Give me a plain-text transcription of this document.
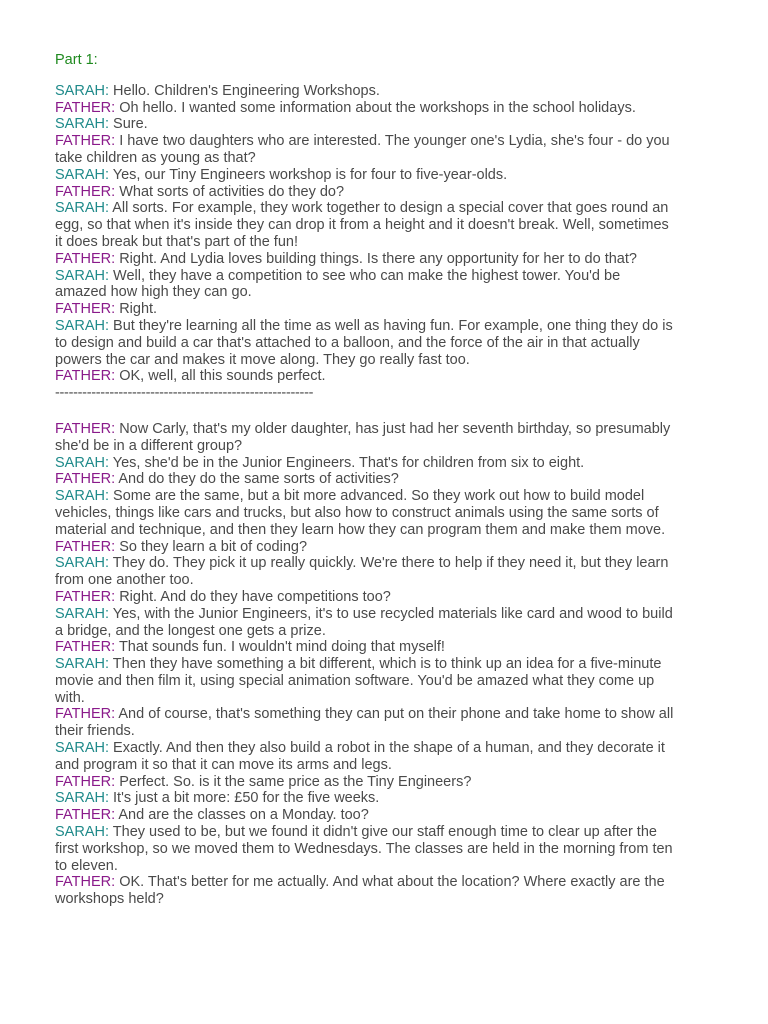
Part 1:

SARAH: Hello. Children's Engineering Workshops.

FATHER: Oh hello. I wanted some information about the workshops in the school holidays.

SARAH: Sure.

FATHER: I have two daughters who are interested. The younger one's Lydia, she's four - do you take children as young as that?

SARAH: Yes, our Tiny Engineers workshop is for four to five-year-olds.

FATHER: What sorts of activities do they do?

SARAH: All sorts. For example, they work together to design a special cover that goes round an egg, so that when it's inside they can drop it from a height and it doesn't break. Well, sometimes it does break but that's part of the fun!

FATHER: Right. And Lydia loves building things. Is there any opportunity for her to do that?

SARAH: Well, they have a competition to see who can make the highest tower. You'd be amazed how high they can go.

FATHER: Right.

SARAH: But they're learning all the time as well as having fun. For example, one thing they do is to design and build a car that's attached to a balloon, and the force of the air in that actually powers the car and makes it move along. They go really fast too.

FATHER: OK, well, all this sounds perfect.

---------------------------------------------------------

FATHER: Now Carly, that's my older daughter, has just had her seventh birthday, so presumably she'd be in a different group?

SARAH: Yes, she'd be in the Junior Engineers. That's for children from six to eight.

FATHER: And do they do the same sorts of activities?

SARAH: Some are the same, but a bit more advanced. So they work out how to build model vehicles, things like cars and trucks, but also how to construct animals using the same sorts of material and technique, and then they learn how they can program them and make them move.

FATHER: So they learn a bit of coding?

SARAH: They do. They pick it up really quickly. We're there to help if they need it, but they learn from one another too.

FATHER: Right. And do they have competitions too?

SARAH: Yes, with the Junior Engineers, it's to use recycled materials like card and wood to build a bridge, and the longest one gets a prize.

FATHER: That sounds fun. I wouldn't mind doing that myself!

SARAH: Then they have something a bit different, which is to think up an idea for a five-minute movie and then film it, using special animation software. You'd be amazed what they come up with.

FATHER: And of course, that's something they can put on their phone and take home to show all their friends.

SARAH: Exactly. And then they also build a robot in the shape of a human, and they decorate it and program it so that it can move its arms and legs.

FATHER: Perfect. So. is it the same price as the Tiny Engineers?

SARAH: It's just a bit more: £50 for the five weeks.

FATHER: And are the classes on a Monday. too?

SARAH: They used to be, but we found it didn't give our staff enough time to clear up after the first workshop, so we moved them to Wednesdays. The classes are held in the morning from ten to eleven.

FATHER: OK. That's better for me actually. And what about the location? Where exactly are the workshops held?
